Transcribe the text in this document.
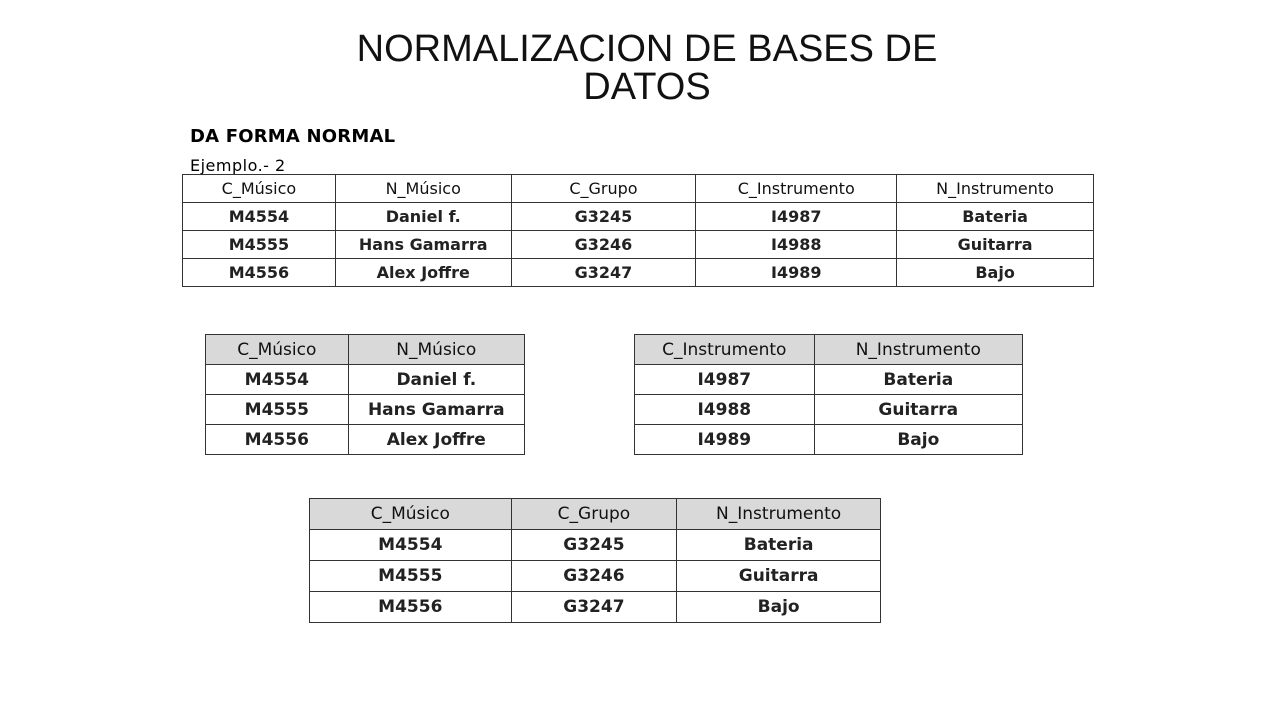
NORMALIZACION DE BASES DE
DATOS
DA FORMA NORMAL
Ejemplo.- 2
C_Músico	N_Músico	C_Grupo	C_Instrumento	N_Instrumento
M4554	Daniel f.	G3245	I4987	Bateria
M4555	Hans Gamarra	G3246	I4988	Guitarra
M4556	Alex Joffre	G3247	I4989	Bajo
C_Músico	N_Músico
M4554	Daniel f.
M4555	Hans Gamarra
M4556	Alex Joffre
C_Instrumento	N_Instrumento
I4987	Bateria
I4988	Guitarra
I4989	Bajo
C_Músico	C_Grupo	N_Instrumento
M4554	G3245	Bateria
M4555	G3246	Guitarra
M4556	G3247	Bajo
